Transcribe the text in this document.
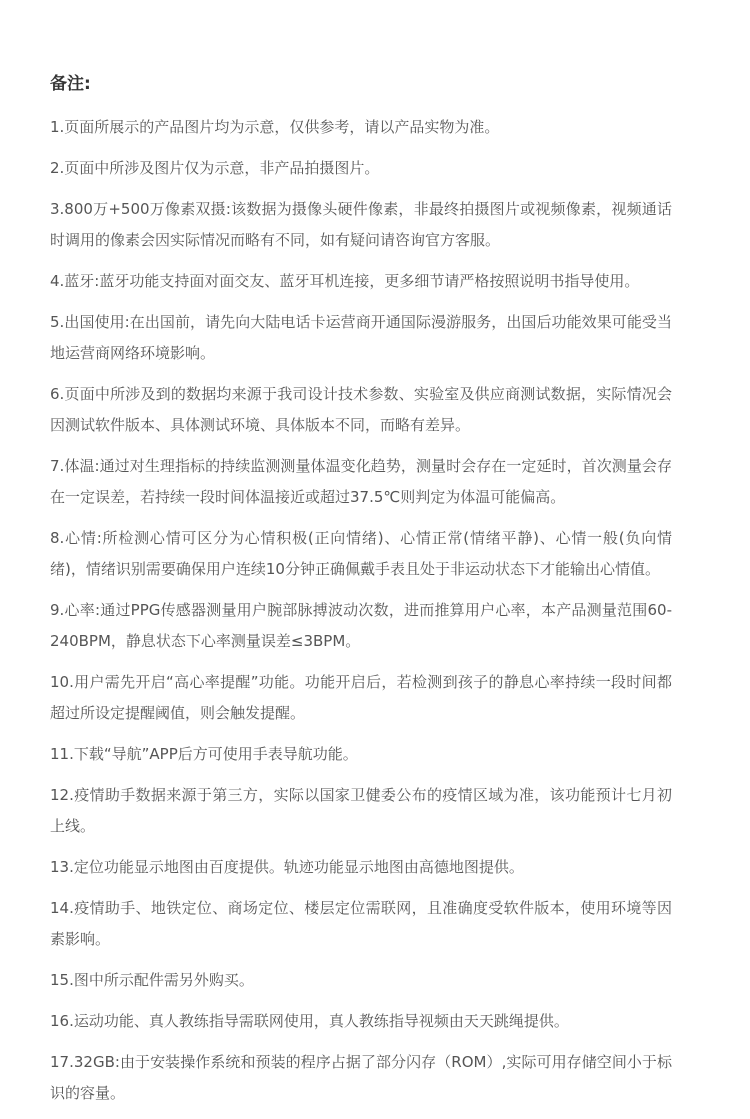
备注:
1.页面所展示的产品图片均为示意，仅供参考，请以产品实物为准。
2.页面中所涉及图片仅为示意，非产品拍摄图片。
3.800万+500万像素双摄:该数据为摄像头硬件像素，非最终拍摄图片或视频像素，视频通话时调用的像素会因实际情况而略有不同，如有疑问请咨询官方客服。
4.蓝牙:蓝牙功能支持面对面交友、蓝牙耳机连接，更多细节请严格按照说明书指导使用。
5.出国使用:在出国前，请先向大陆电话卡运营商开通国际漫游服务，出国后功能效果可能受当地运营商网络环境影响。
6.页面中所涉及到的数据均来源于我司设计技术参数、实验室及供应商测试数据，实际情况会因测试软件版本、具体测试环境、具体版本不同，而略有差异。
7.体温:通过对生理指标的持续监测测量体温变化趋势，测量时会存在一定延时，首次测量会存在一定误差，若持续一段时间体温接近或超过37.5℃则判定为体温可能偏高。
8.心情:所检测心情可区分为心情积极(正向情绪)、心情正常(情绪平静)、心情一般(负向情绪)，情绪识别需要确保用户连续10分钟正确佩戴手表且处于非运动状态下才能输出心情值。
9.心率:通过PPG传感器测量用户腕部脉搏波动次数，进而推算用户心率，本产品测量范围60-240BPM，静息状态下心率测量误差≤3BPM。
10.用户需先开启“高心率提醒”功能。功能开启后，若检测到孩子的静息心率持续一段时间都超过所设定提醒阈值，则会触发提醒。
11.下载“导航”APP后方可使用手表导航功能。
12.疫情助手数据来源于第三方，实际以国家卫健委公布的疫情区域为准，该功能预计七月初上线。
13.定位功能显示地图由百度提供。轨迹功能显示地图由高德地图提供。
14.疫情助手、地铁定位、商场定位、楼层定位需联网，且准确度受软件版本，使用环境等因素影响。
15.图中所示配件需另外购买。
16.运动功能、真人教练指导需联网使用，真人教练指导视频由天天跳绳提供。
17.32GB:由于安装操作系统和预装的程序占据了部分闪存（ROM）,实际可用存储空间小于标识的容量。
